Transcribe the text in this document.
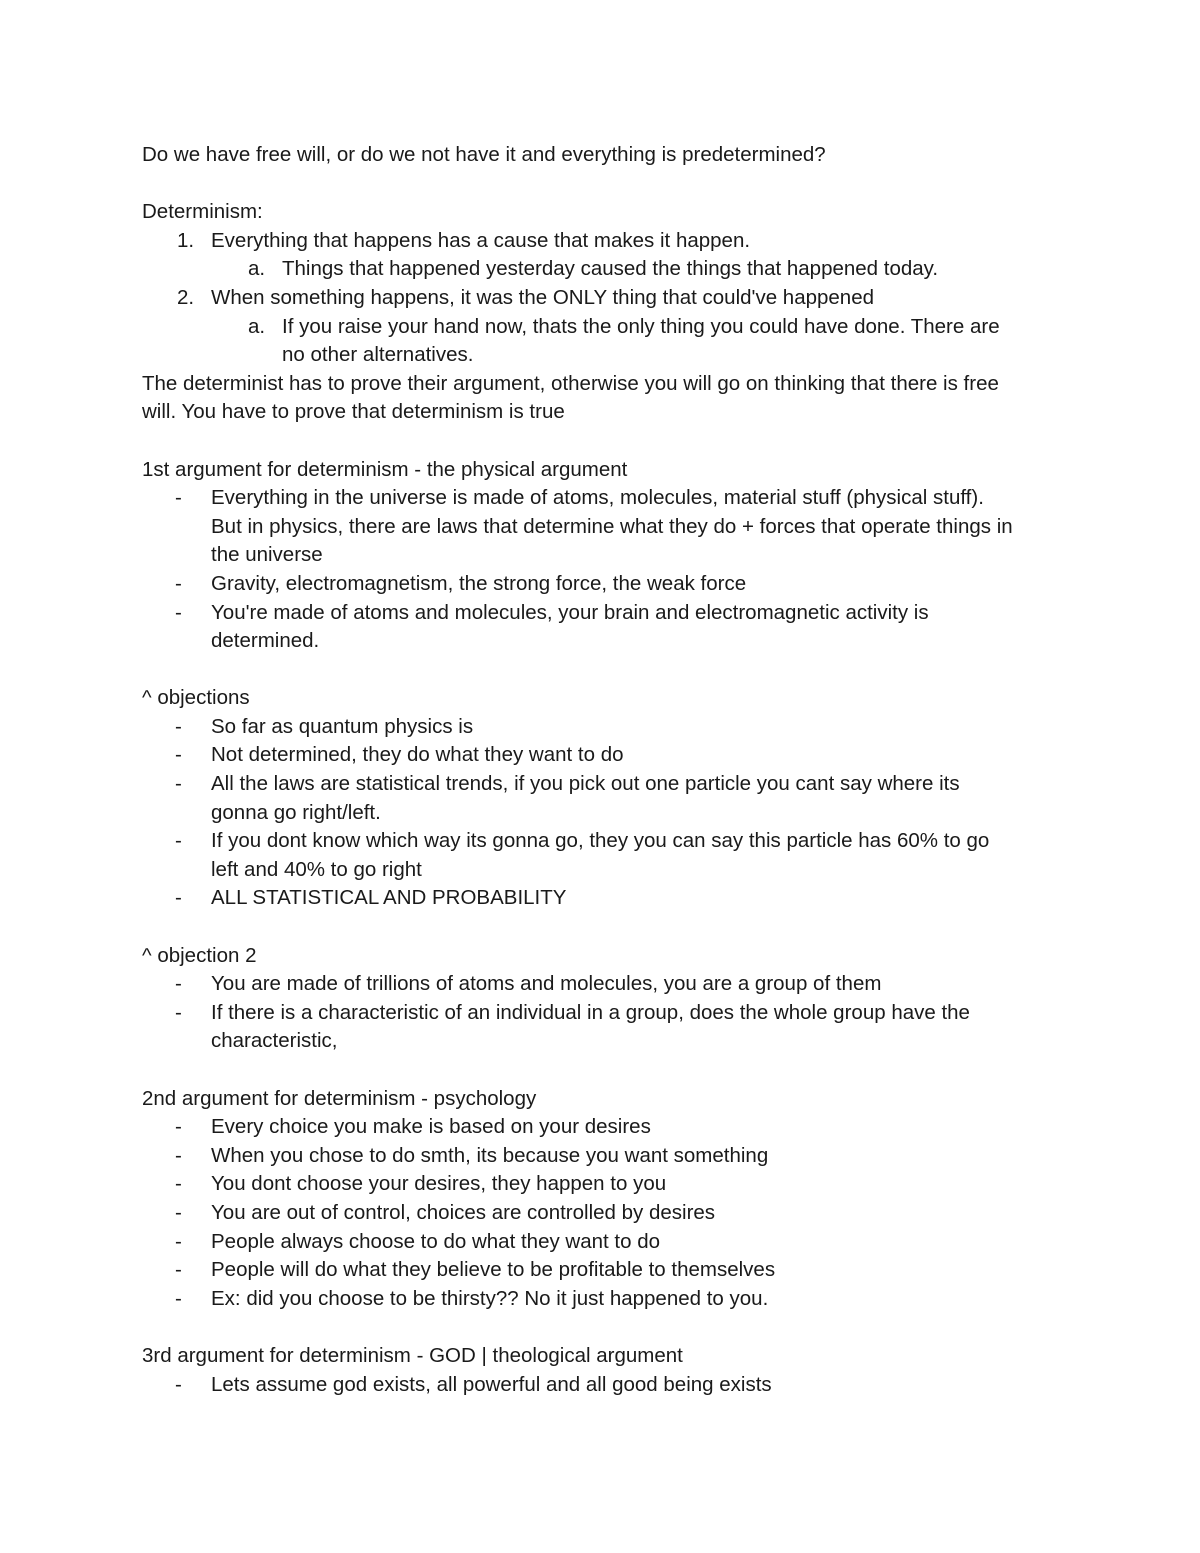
Do we have free will, or do we not have it and everything is predetermined?

Determinism:

1. Everything that happens has a cause that makes it happen.
a. Things that happened yesterday caused the things that happened today.
2. When something happens, it was the ONLY thing that could've happened
a. If you raise your hand now, thats the only thing you could have done. There are
no other alternatives.

The determinist has to prove their argument, otherwise you will go on thinking that there is free

will. You have to prove that determinism is true

1st argument for determinism - the physical argument

- Everything in the universe is made of atoms, molecules, material stuff (physical stuff).
But in physics, there are laws that determine what they do + forces that operate things in
the universe
- Gravity, electromagnetism, the strong force, the weak force
- You're made of atoms and molecules, your brain and electromagnetic activity is
determined.

^ objections

- So far as quantum physics is
- Not determined, they do what they want to do
- All the laws are statistical trends, if you pick out one particle you cant say where its
gonna go right/left.
- If you dont know which way its gonna go, they you can say this particle has 60% to go
left and 40% to go right
- ALL STATISTICAL AND PROBABILITY

^ objection 2

- You are made of trillions of atoms and molecules, you are a group of them
- If there is a characteristic of an individual in a group, does the whole group have the
characteristic,

2nd argument for determinism - psychology

- Every choice you make is based on your desires
- When you chose to do smth, its because you want something
- You dont choose your desires, they happen to you
- You are out of control, choices are controlled by desires
- People always choose to do what they want to do
- People will do what they believe to be profitable to themselves
- Ex: did you choose to be thirsty?? No it just happened to you.

3rd argument for determinism - GOD | theological argument

- Lets assume god exists, all powerful and all good being exists
